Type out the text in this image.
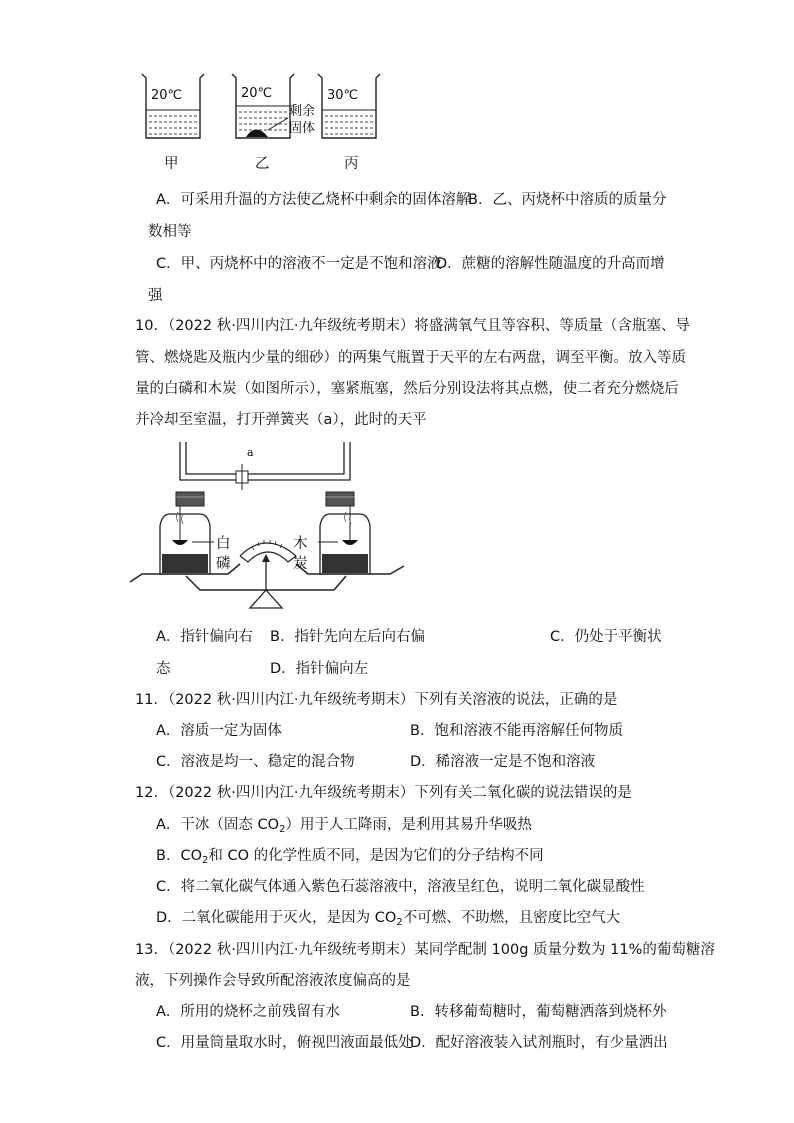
20℃	20℃	30℃
剩余
固体
甲	乙	丙
A．可采用升温的方法使乙烧杯中剩余的固体溶解
B．乙、丙烧杯中溶质的质量分
数相等
C．甲、丙烧杯中的溶液不一定是不饱和溶液
D．蔗糖的溶解性随温度的升高而增
强
10．（2022 秋·四川内江·九年级统考期末）将盛满氧气且等容积、等质量（含瓶塞、导
管、燃烧匙及瓶内少量的细砂）的两集气瓶置于天平的左右两盘，调至平衡。放入等质
量的白磷和木炭（如图所示），塞紧瓶塞，然后分别设法将其点燃，使二者充分燃烧后
并冷却至室温，打开弹簧夹（a），此时的天平
a
白
磷
木
炭
A．指针偏向右 B．指针先向左后向右偏	C．仍处于平衡状
态	D．指针偏向左
11．（2022 秋·四川内江·九年级统考期末）下列有关溶液的说法，正确的是
A．溶质一定为固体	B．饱和溶液不能再溶解任何物质
C．溶液是均一、稳定的混合物	D．稀溶液一定是不饱和溶液
12．（2022 秋·四川内江·九年级统考期末）下列有关二氧化碳的说法错误的是
A．干冰（固态 $CO_2$）用于人工降雨，是利用其易升华吸热
B．$CO_2$和 CO 的化学性质不同，是因为它们的分子结构不同
C．将二氧化碳气体通入紫色石蕊溶液中，溶液呈红色，说明二氧化碳显酸性
D．二氧化碳能用于灭火，是因为 $CO_2$不可燃、不助燃，且密度比空气大
13．（2022 秋·四川内江·九年级统考期末）某同学配制 100g 质量分数为 11%的葡萄糖溶
液，下列操作会导致所配溶液浓度偏高的是
A．所用的烧杯之前残留有水	B．转移葡萄糖时，葡萄糖洒落到烧杯外
C．用量筒量取水时，俯视凹液面最低处
D．配好溶液装入试剂瓶时，有少量洒出
